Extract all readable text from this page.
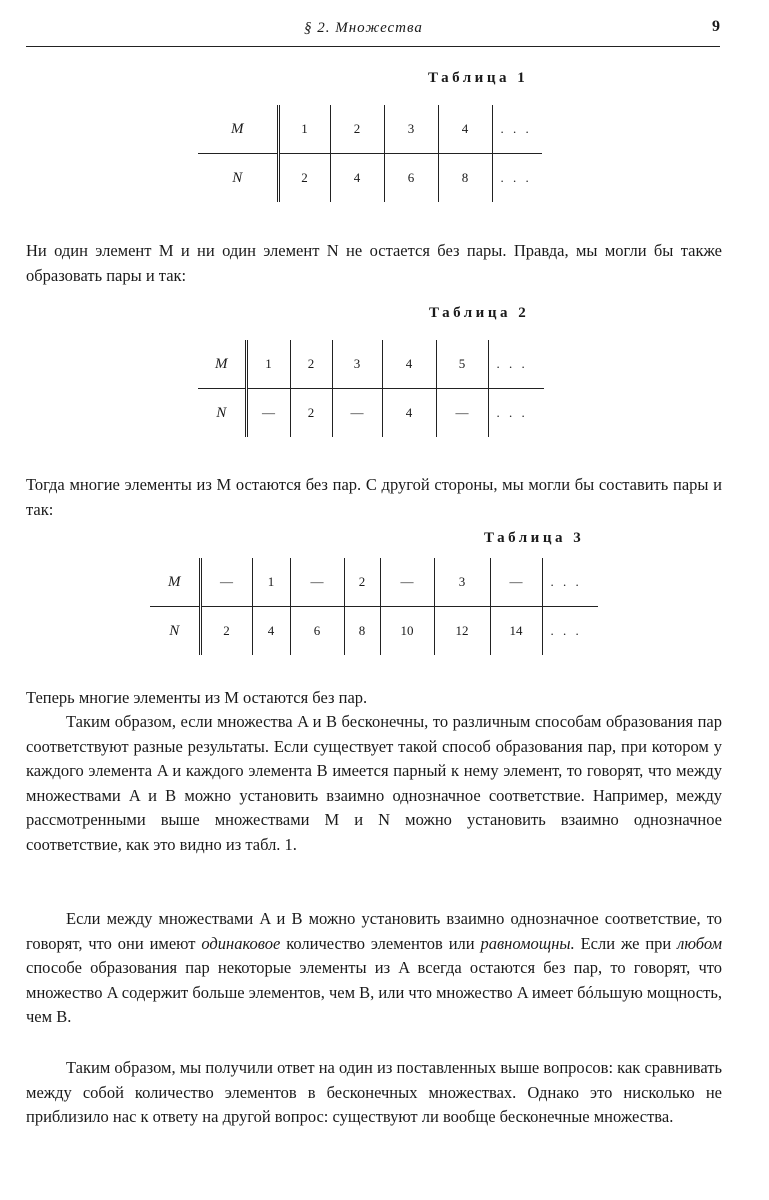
§ 2. Множества	9
Таблица 1
M	1	2	3	4	. . .
N	2	4	6	8	. . .

Ни один элемент M и ни один элемент N не остается без пары. Правда, мы могли бы также образовать пары и так:

Таблица 2
M	1	2	3	4	5	. . .
N	—	2	—	4	—	. . .

Тогда многие элементы из M остаются без пар. С другой стороны, мы могли бы составить пары и так:

Таблица 3
M	—	1	—	2	—	3	—	. . .
N	2	4	6	8	10	12	14	. . .

Теперь многие элементы из M остаются без пар.

Таким образом, если множества A и B бесконечны, то различным способам образования пар соответствуют разные результаты. Если существует такой способ образования пар, при котором у каждого элемента A и каждого элемента B имеется парный к нему элемент, то говорят, что между множествами A и B можно установить взаимно однозначное соответствие. Например, между рассмотренными выше множествами M и N можно установить взаимно однозначное соответствие, как это видно из табл. 1.

Если между множествами A и B можно установить взаимно однозначное соответствие, то говорят, что они имеют одинаковое количество элементов или равномощны. Если же при любом способе образования пар некоторые элементы из A всегда остаются без пар, то говорят, что множество A содержит больше элементов, чем B, или что множество A имеет бóльшую мощность, чем B.

Таким образом, мы получили ответ на один из поставленных выше вопросов: как сравнивать между собой количество элементов в бесконечных множествах. Однако это нисколько не приблизило нас к ответу на другой вопрос: существуют ли вообще бесконечные множества.
